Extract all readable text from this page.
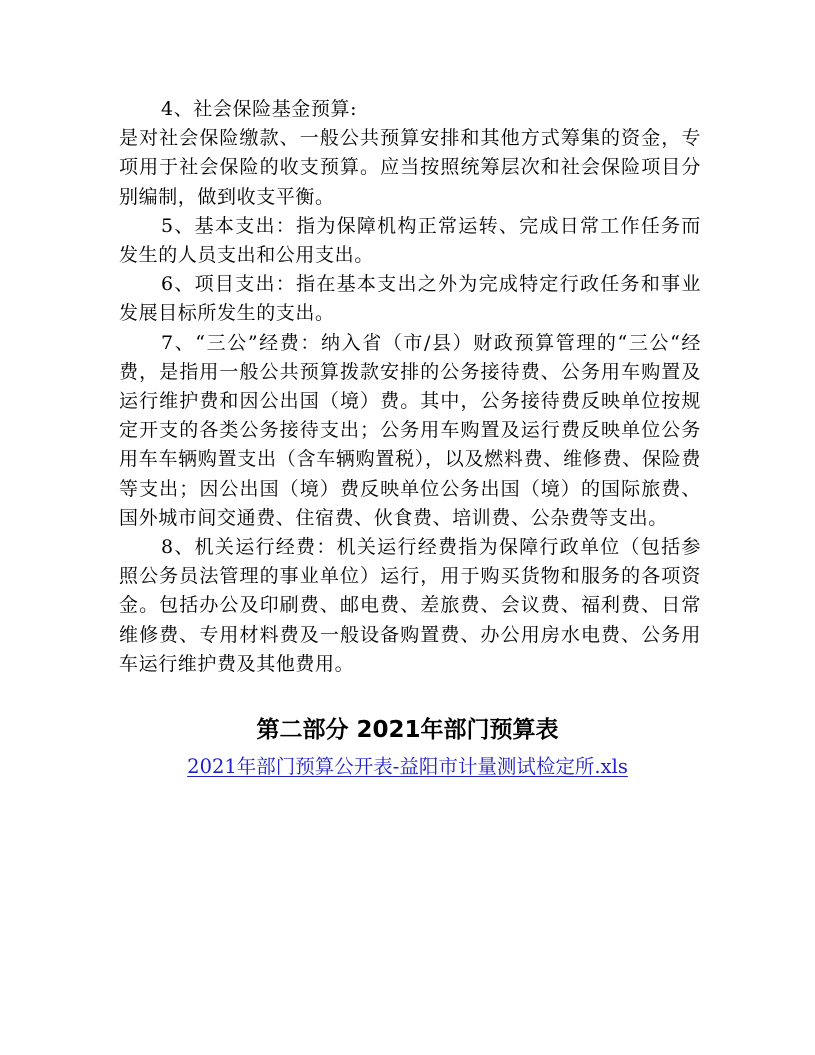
4、社会保险基金预算:

是对社会保险缴款、一般公共预算安排和其他方式筹集的资金，专项用于社会保险的收支预算。应当按照统筹层次和社会保险项目分别编制，做到收支平衡。

5、基本支出：指为保障机构正常运转、完成日常工作任务而发生的人员支出和公用支出。

6、项目支出：指在基本支出之外为完成特定行政任务和事业发展目标所发生的支出。

7、“三公”经费：纳入省（市/县）财政预算管理的“三公“经费，是指用一般公共预算拨款安排的公务接待费、公务用车购置及运行维护费和因公出国（境）费。其中，公务接待费反映单位按规定开支的各类公务接待支出；公务用车购置及运行费反映单位公务用车车辆购置支出（含车辆购置税），以及燃料费、维修费、保险费等支出；因公出国（境）费反映单位公务出国（境）的国际旅费、国外城市间交通费、住宿费、伙食费、培训费、公杂费等支出。

8、机关运行经费：机关运行经费指为保障行政单位（包括参照公务员法管理的事业单位）运行，用于购买货物和服务的各项资金。包括办公及印刷费、邮电费、差旅费、会议费、福利费、日常维修费、专用材料费及一般设备购置费、办公用房水电费、公务用车运行维护费及其他费用。

第二部分 2021年部门预算表

2021年部门预算公开表-益阳市计量测试检定所.xls
